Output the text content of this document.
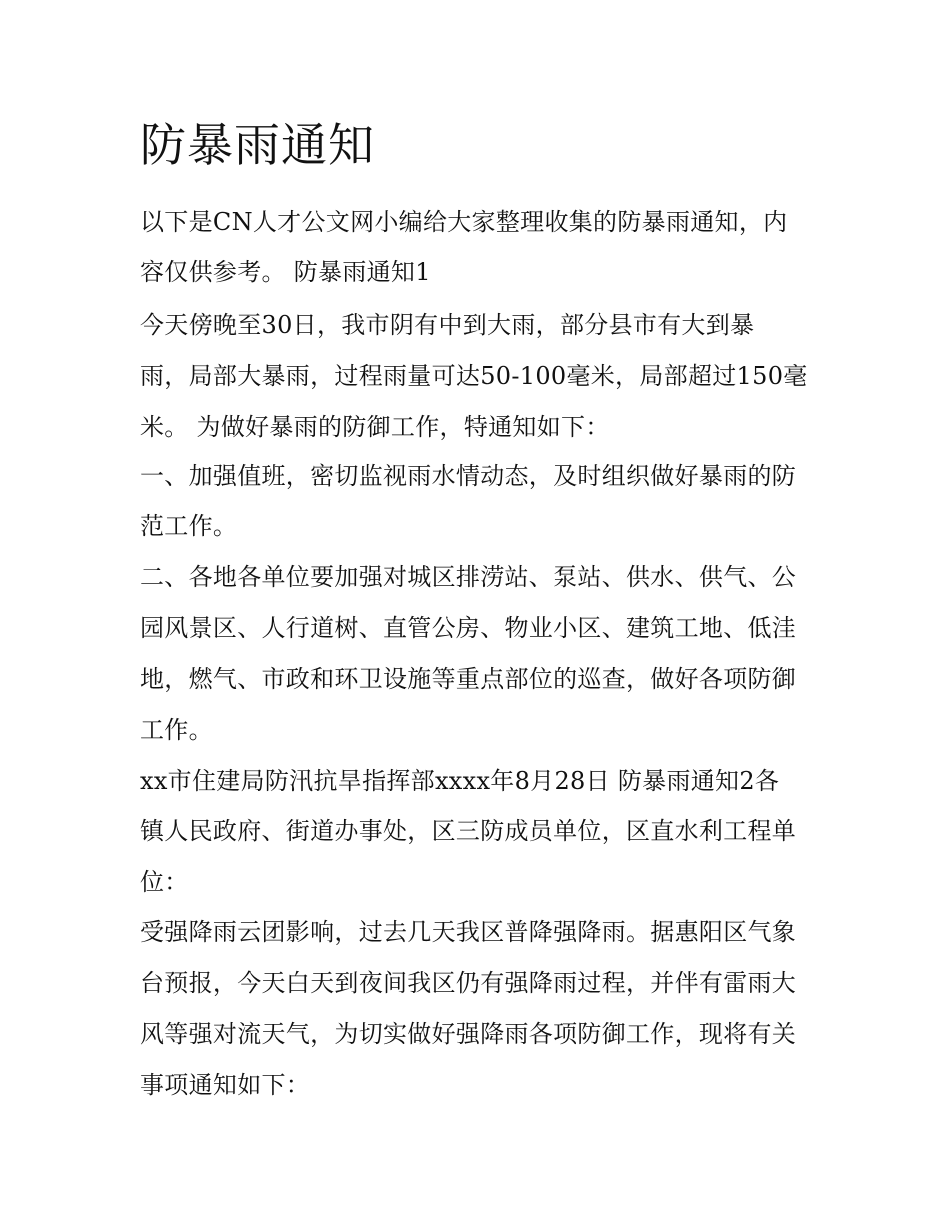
防暴雨通知
以下是CN人才公文网小编给大家整理收集的防暴雨通知，内
容仅供参考。 防暴雨通知1
今天傍晚至30日，我市阴有中到大雨，部分县市有大到暴
雨，局部大暴雨，过程雨量可达50-100毫米，局部超过150毫
米。 为做好暴雨的防御工作，特通知如下：
一、加强值班，密切监视雨水情动态，及时组织做好暴雨的防
范工作。
二、各地各单位要加强对城区排涝站、泵站、供水、供气、公
园风景区、人行道树、直管公房、物业小区、建筑工地、低洼
地，燃气、市政和环卫设施等重点部位的巡查，做好各项防御
工作。
xx市住建局防汛抗旱指挥部xxxx年8月28日 防暴雨通知2各
镇人民政府、街道办事处，区三防成员单位，区直水利工程单
位：
受强降雨云团影响，过去几天我区普降强降雨。据惠阳区气象
台预报，今天白天到夜间我区仍有强降雨过程，并伴有雷雨大
风等强对流天气，为切实做好强降雨各项防御工作，现将有关
事项通知如下：
